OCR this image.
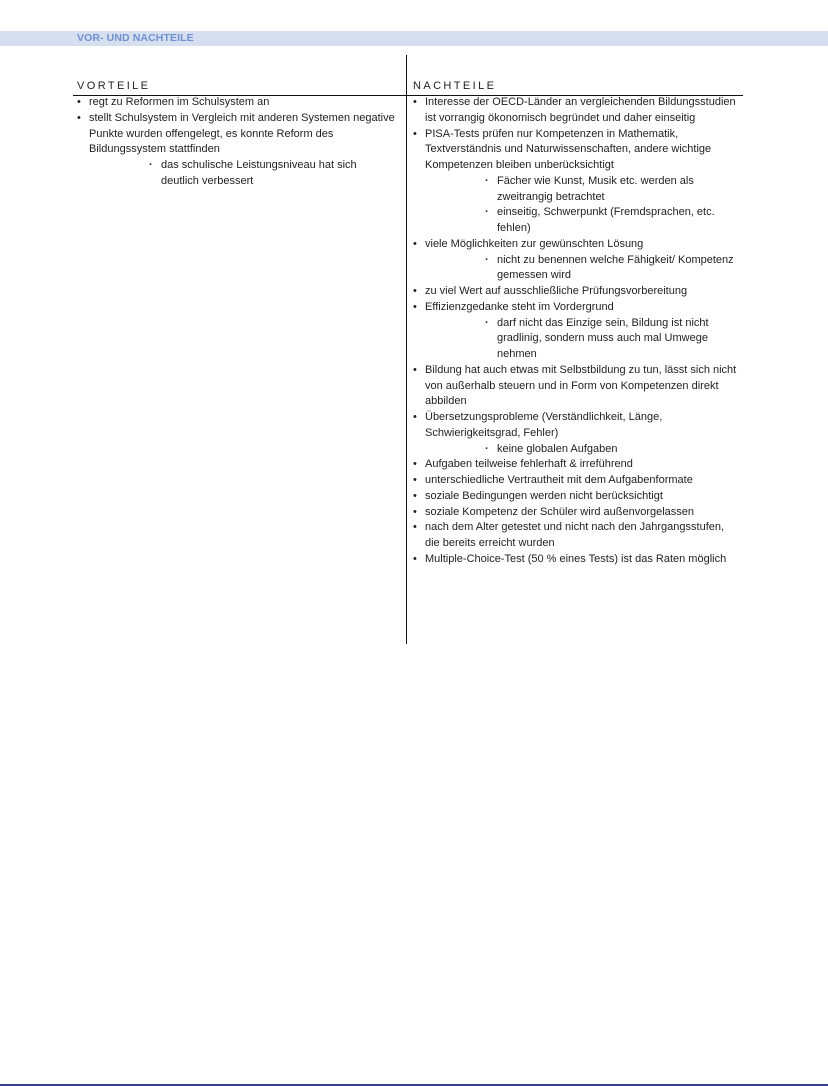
VOR- UND NACHTEILE
VORTEILE	NACHTEILE
• regt zu Reformen im Schulsystem an
• stellt Schulsystem in Vergleich mit anderen Systemen negative Punkte wurden offengelegt, es konnte Reform des Bildungssystem stattfinden
· das schulische Leistungsniveau hat sich deutlich verbessert
• Interesse der OECD-Länder an vergleichenden Bildungsstudien ist vorrangig ökonomisch begründet und daher einseitig
• PISA-Tests prüfen nur Kompetenzen in Mathematik, Textverständnis und Naturwissenschaften, andere wichtige Kompetenzen bleiben unberücksichtigt
· Fächer wie Kunst, Musik etc. werden als zweitrangig betrachtet
· einseitig, Schwerpunkt (Fremdsprachen, etc. fehlen)
• viele Möglichkeiten zur gewünschten Lösung
· nicht zu benennen welche Fähigkeit/ Kompetenz gemessen wird
• zu viel Wert auf ausschließliche Prüfungsvorbereitung
• Effizienzgedanke steht im Vordergrund
· darf nicht das Einzige sein, Bildung ist nicht gradlinig, sondern muss auch mal Umwege nehmen
• Bildung hat auch etwas mit Selbstbildung zu tun, lässt sich nicht von außerhalb steuern und in Form von Kompetenzen direkt abbilden
• Übersetzungsprobleme (Verständlichkeit, Länge, Schwierigkeitsgrad, Fehler)
· keine globalen Aufgaben
• Aufgaben teilweise fehlerhaft & irreführend
• unterschiedliche Vertrautheit mit dem Aufgabenformate
• soziale Bedingungen werden nicht berücksichtigt
• soziale Kompetenz der Schüler wird außenvorgelassen
• nach dem Alter getestet und nicht nach den Jahrgangsstufen, die bereits erreicht wurden
• Multiple-Choice-Test (50 % eines Tests) ist das Raten möglich
